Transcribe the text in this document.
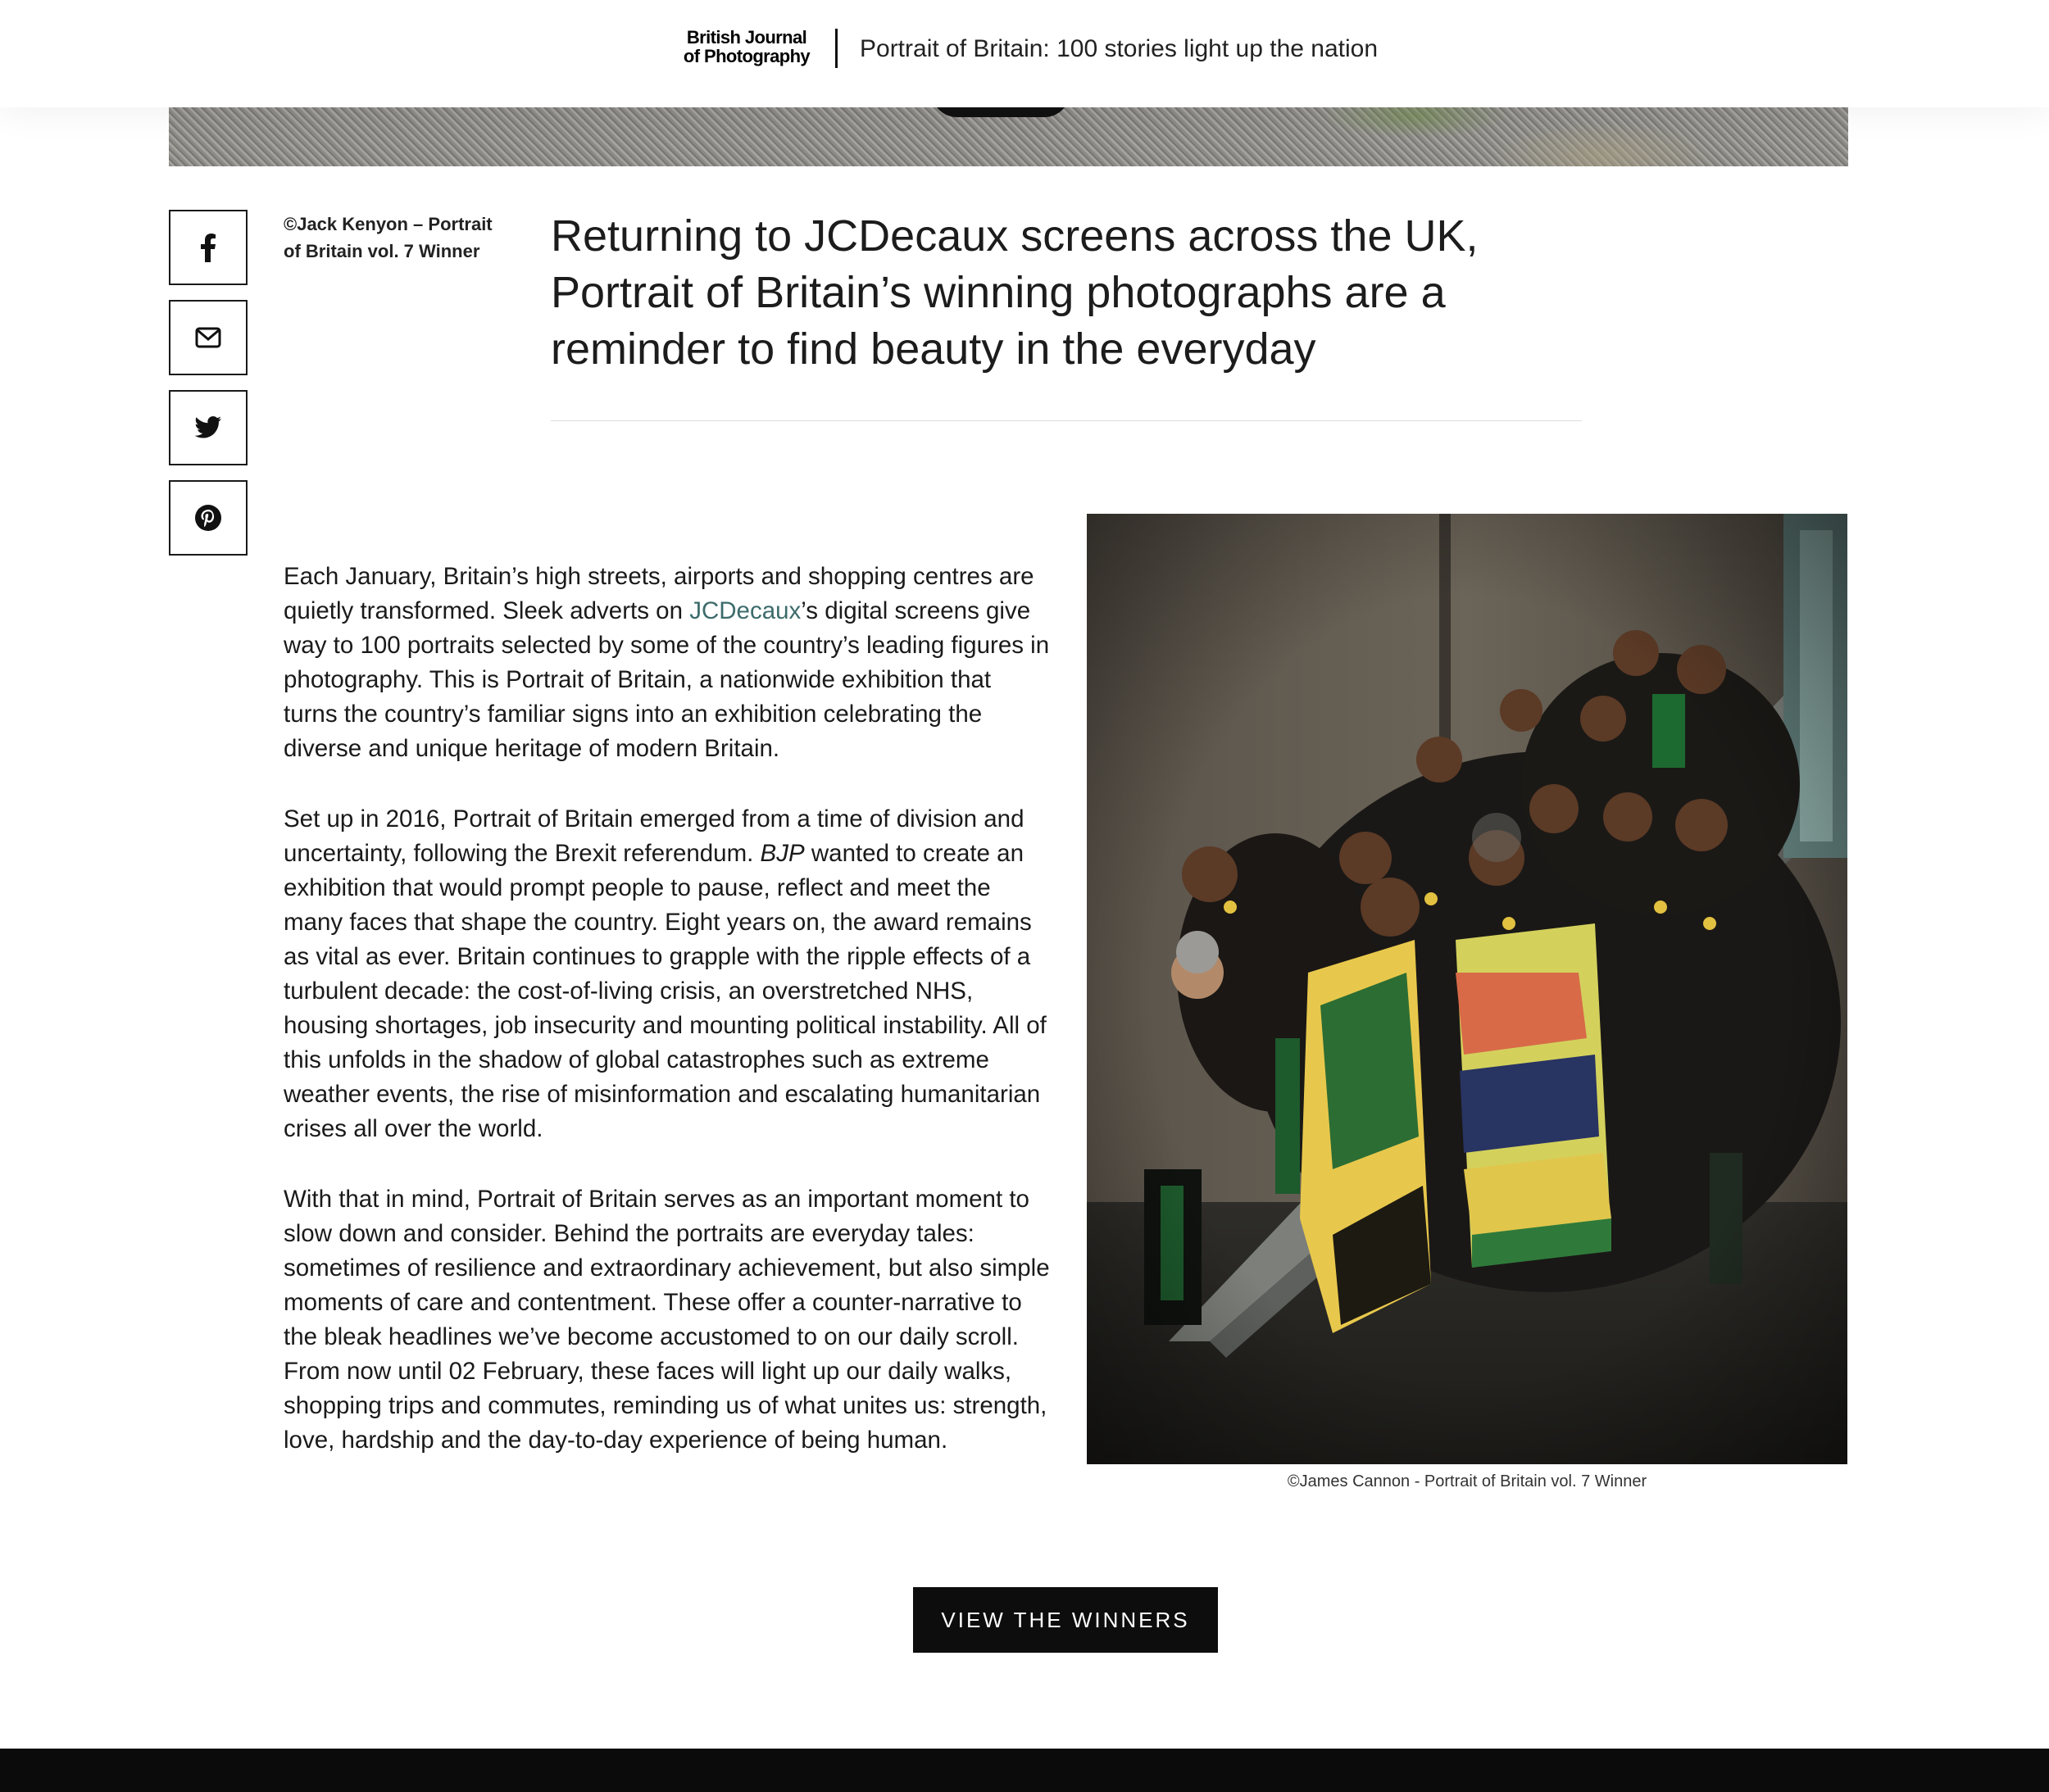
British Journal
of Photography Portrait of Britain: 100 stories light up the nation
©Jack Kenyon – Portrait of Britain vol. 7 Winner	Returning to JCDecaux screens across the UK, Portrait of Britain’s winning photographs are a reminder to find beauty in the everyday

Each January, Britain’s high streets, airports and shopping centres are quietly transformed. Sleek adverts on JCDecaux’s digital screens give way to 100 portraits selected by some of the country’s leading figures in photography. This is Portrait of Britain, a nationwide exhibition that turns the country’s familiar signs into an exhibition celebrating the diverse and unique heritage of modern Britain.

Set up in 2016, Portrait of Britain emerged from a time of division and uncertainty, following the Brexit referendum. BJP wanted to create an exhibition that would prompt people to pause, reflect and meet the many faces that shape the country. Eight years on, the award remains as vital as ever. Britain continues to grapple with the ripple effects of a turbulent decade: the cost-of-living crisis, an overstretched NHS, housing shortages, job insecurity and mounting political instability. All of this unfolds in the shadow of global catastrophes such as extreme weather events, the rise of misinformation and escalating humanitarian crises all over the world.

With that in mind, Portrait of Britain serves as an important moment to slow down and consider. Behind the portraits are everyday tales: sometimes of resilience and extraordinary achievement, but also simple moments of care and contentment. These offer a counter-narrative to the bleak headlines we’ve become accustomed to on our daily scroll. From now until 02 February, these faces will light up our daily walks, shopping trips and commutes, reminding us of what unites us: strength, love, hardship and the day-to-day experience of being human.

©James Cannon - Portrait of Britain vol. 7 Winner
VIEW THE WINNERS
